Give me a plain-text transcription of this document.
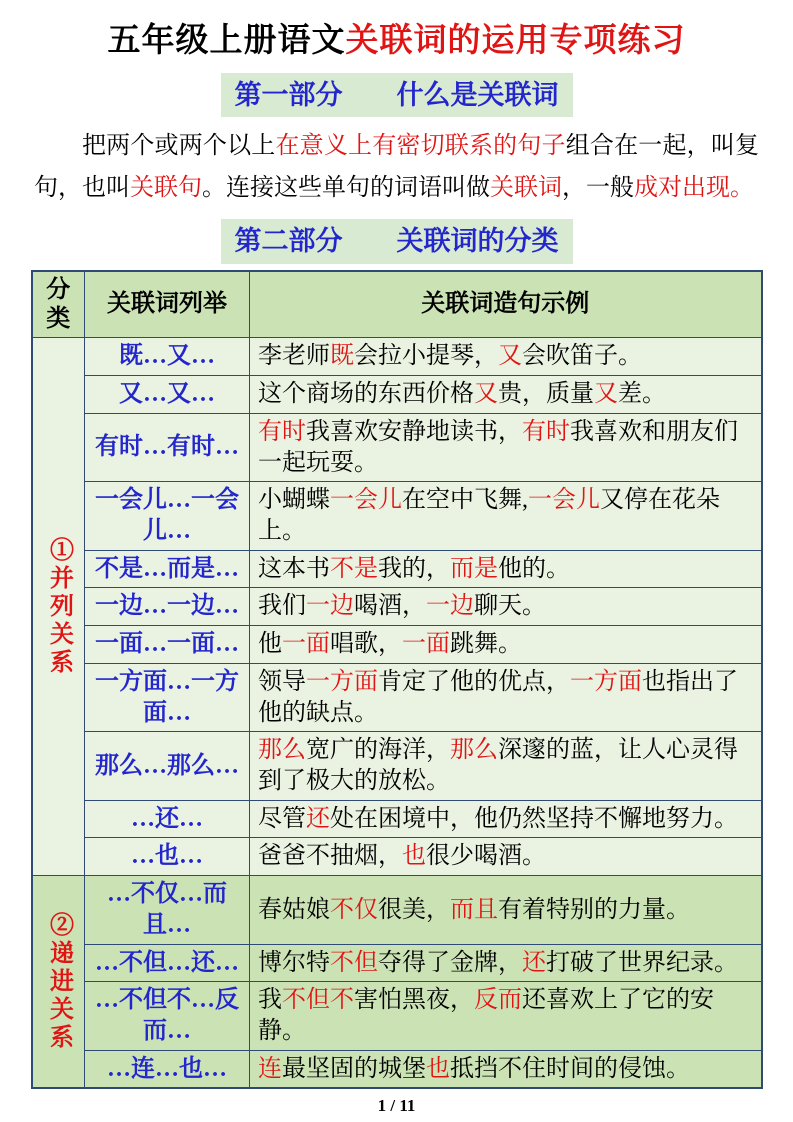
五年级上册语文关联词的运用专项练习
第一部分　　什么是关联词

把两个或两个以上在意义上有密切联系的句子组合在一起，叫复句，也叫关联句。连接这些单句的词语叫做关联词，一般成对出现。

第二部分　　关联词的分类
分类	关联词列举	关联词造句示例

①并列关系	既…又…	李老师既会拉小提琴，又会吹笛子。
	又…又…	这个商场的东西价格又贵，质量又差。
	有时…有时…	有时我喜欢安静地读书，有时我喜欢和朋友们一起玩耍。
	一会儿…一会儿…	小蝴蝶一会儿在空中飞舞,一会儿又停在花朵上。
	不是…而是…	这本书不是我的，而是他的。
	一边…一边…	我们一边喝酒，一边聊天。
	一面…一面…	他一面唱歌，一面跳舞。
	一方面…一方面…	领导一方面肯定了他的优点，一方面也指出了他的缺点。
	那么…那么…	那么宽广的海洋，那么深邃的蓝，让人心灵得到了极大的放松。
	…还…	尽管还处在困境中，他仍然坚持不懈地努力。
	…也…	爸爸不抽烟，也很少喝酒。

②递进关系	…不仅…而且…	春姑娘不仅很美，而且有着特别的力量。
	…不但…还…	博尔特不但夺得了金牌，还打破了世界纪录。
	…不但不…反而…	我不但不害怕黑夜，反而还喜欢上了它的安静。
	…连…也…	连最坚固的城堡也抵挡不住时间的侵蚀。
1 / 11
